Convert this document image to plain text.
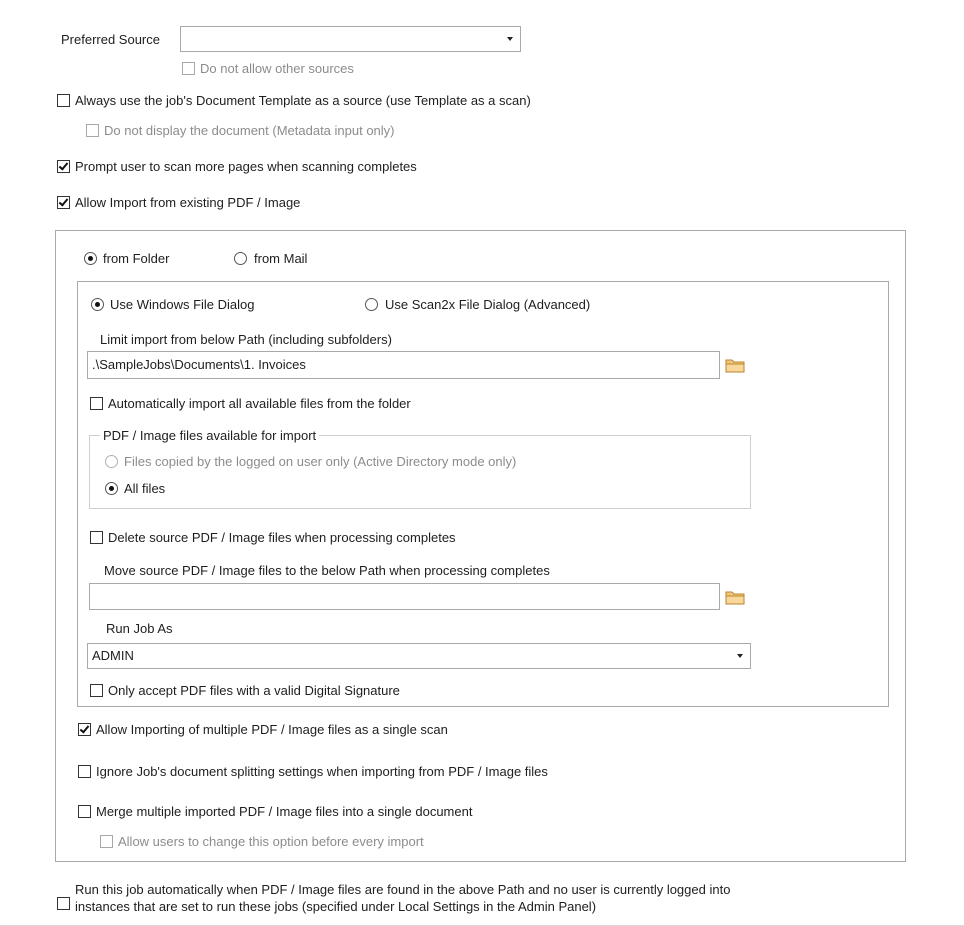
Preferred Source
Do not allow other sources
Always use the job's Document Template as a source (use Template as a scan)
Do not display the document (Metadata input only)
Prompt user to scan more pages when scanning completes
Allow Import from existing PDF / Image
from Folder	from Mail
Use Windows File Dialog	Use Scan2x File Dialog (Advanced)
Limit import from below Path (including subfolders)
.\SampleJobs\Documents\1. Invoices
Automatically import all available files from the folder
PDF / Image files available for import
Files copied by the logged on user only (Active Directory mode only)
All files
Delete source PDF / Image files when processing completes
Move source PDF / Image files to the below Path when processing completes
Run Job As
ADMIN
Only accept PDF files with a valid Digital Signature
Allow Importing of multiple PDF / Image files as a single scan
Ignore Job's document splitting settings when importing from PDF / Image files
Merge multiple imported PDF / Image files into a single document
Allow users to change this option before every import
Run this job automatically when PDF / Image files are found in the above Path and no user is currently logged into
instances that are set to run these jobs (specified under Local Settings in the Admin Panel)
